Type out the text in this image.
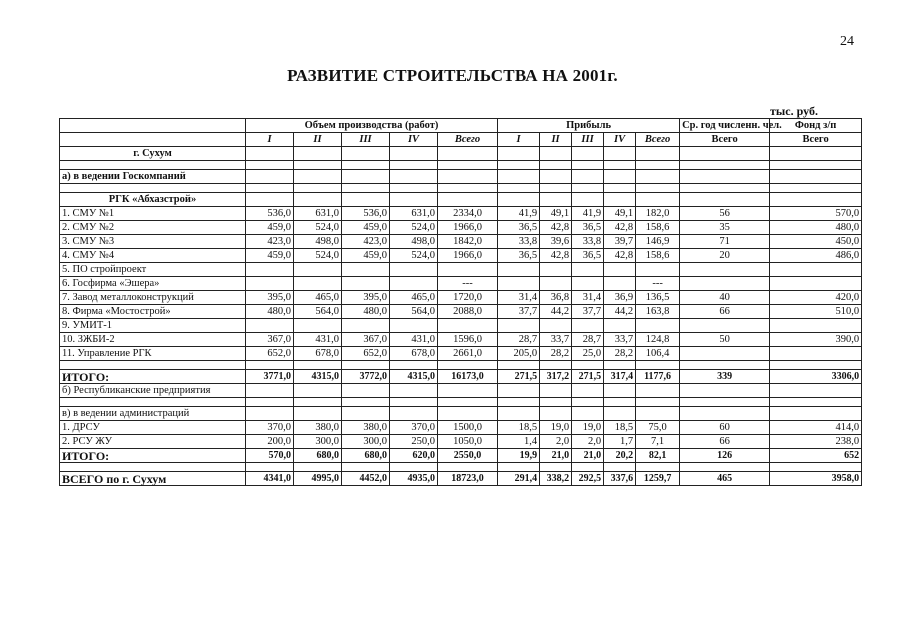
24
РАЗВИТИЕ СТРОИТЕЛЬСТВА НА 2001г.
тыс. руб.
	Объем производства (работ)					Прибыль					Ср. год численн. чел.	Фонд з/п
	I	II	III	IV	Всего	I	II	III	IV	Всего	Всего	Всего
г. Сухум												

а) в ведении Госкомпаний												

РГК «Абхазстрой»												
1. СМУ №1	536,0	631,0	536,0	631,0	2334,0	41,9	49,1	41,9	49,1	182,0	56	570,0
2. СМУ №2	459,0	524,0	459,0	524,0	1966,0	36,5	42,8	36,5	42,8	158,6	35	480,0
3. СМУ №3	423,0	498,0	423,0	498,0	1842,0	33,8	39,6	33,8	39,7	146,9	71	450,0
4. СМУ №4	459,0	524,0	459,0	524,0	1966,0	36,5	42,8	36,5	42,8	158,6	20	486,0
5. ПО стройпроект												
6. Госфирма «Эшера»					---					---		
7. Завод металлоконструкций	395,0	465,0	395,0	465,0	1720,0	31,4	36,8	31,4	36,9	136,5	40	420,0
8. Фирма «Мостострой»	480,0	564,0	480,0	564,0	2088,0	37,7	44,2	37,7	44,2	163,8	66	510,0
9. УМИТ-1												
10. ЗЖБИ-2	367,0	431,0	367,0	431,0	1596,0	28,7	33,7	28,7	33,7	124,8	50	390,0
11. Управление РГК	652,0	678,0	652,0	678,0	2661,0	205,0	28,2	25,0	28,2	106,4		

ИТОГО:	3771,0	4315,0	3772,0	4315,0	16173,0	271,5	317,2	271,5	317,4	1177,6	339	3306,0
б) Республиканские предприятия												

в) в ведении администраций												
1. ДРСУ	370,0	380,0	380,0	370,0	1500,0	18,5	19,0	19,0	18,5	75,0	60	414,0
2. РСУ ЖУ	200,0	300,0	300,0	250,0	1050,0	1,4	2,0	2,0	1,7	7,1	66	238,0
ИТОГО:	570,0	680,0	680,0	620,0	2550,0	19,9	21,0	21,0	20,2	82,1	126	652

ВСЕГО по г. Сухум	4341,0	4995,0	4452,0	4935,0	18723,0	291,4	338,2	292,5	337,6	1259,7	465	3958,0
